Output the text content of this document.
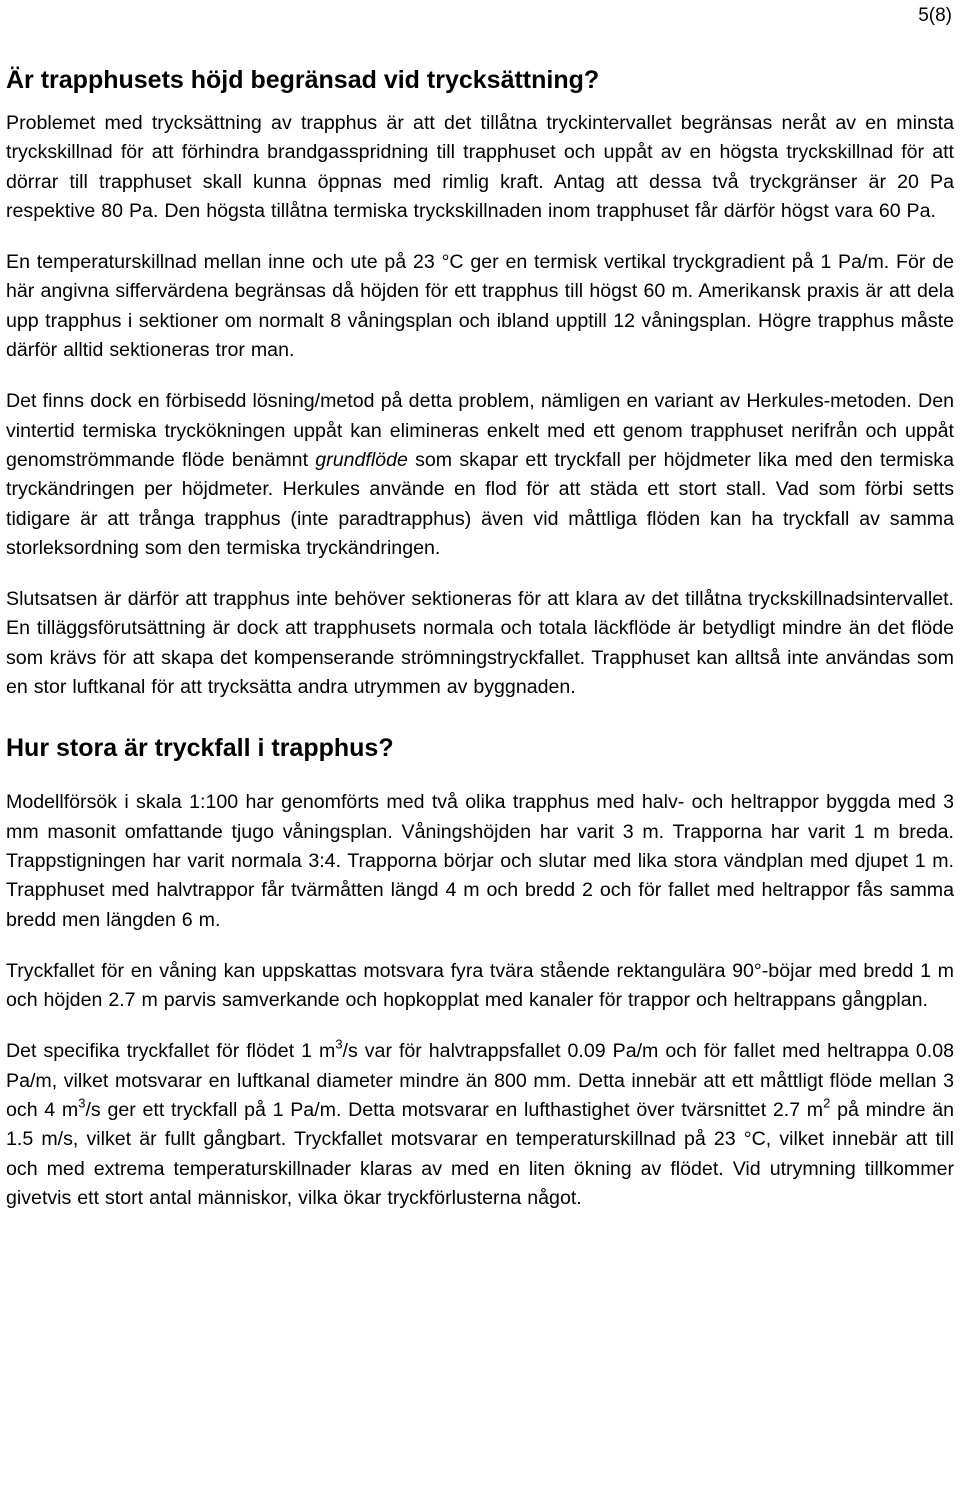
5(8)
Är trapphusets höjd begränsad vid trycksättning?

Problemet med trycksättning av trapphus är att det tillåtna tryckintervallet begränsas neråt av en minsta tryckskillnad för att förhindra brandgasspridning till trapphuset och uppåt av en högsta tryckskillnad för att dörrar till trapphuset skall kunna öppnas med rimlig kraft. Antag att dessa två tryckgränser är 20 Pa respektive 80 Pa. Den högsta tillåtna termiska tryckskillnaden inom trapphuset får därför högst vara 60 Pa.

En temperaturskillnad mellan inne och ute på 23 °C ger en termisk vertikal tryckgradient på 1 Pa/m. För de här angivna siffervärdena begränsas då höjden för ett trapphus till högst 60 m. Amerikansk praxis är att dela upp trapphus i sektioner om normalt 8 våningsplan och ibland upptill 12 våningsplan. Högre trapphus måste därför alltid sektioneras tror man.

Det finns dock en förbisedd lösning/metod på detta problem, nämligen en variant av Herkules-metoden. Den vintertid termiska tryckökningen uppåt kan elimineras enkelt med ett genom trapphuset nerifrån och uppåt genomströmmande flöde benämnt grundflöde som skapar ett tryckfall per höjdmeter lika med den termiska tryckändringen per höjdmeter. Herkules använde en flod för att städa ett stort stall. Vad som förbi setts tidigare är att trånga trapphus (inte paradtrapphus) även vid måttliga flöden kan ha tryckfall av samma storleksordning som den termiska tryckändringen.

Slutsatsen är därför att trapphus inte behöver sektioneras för att klara av det tillåtna tryckskillnadsintervallet. En tilläggsförutsättning är dock att trapphusets normala och totala läckflöde är betydligt mindre än det flöde som krävs för att skapa det kompenserande strömningstryckfallet. Trapphuset kan alltså inte användas som en stor luftkanal för att trycksätta andra utrymmen av byggnaden.

Hur stora är tryckfall i trapphus?

Modellförsök i skala 1:100 har genomförts med två olika trapphus med halv- och heltrappor byggda med 3 mm masonit omfattande tjugo våningsplan. Våningshöjden har varit 3 m. Trapporna har varit 1 m breda. Trappstigningen har varit normala 3:4. Trapporna börjar och slutar med lika stora vändplan med djupet 1 m. Trapphuset med halvtrappor får tvärmåtten längd 4 m och bredd 2 och för fallet med heltrappor fås samma bredd men längden 6 m.

Tryckfallet för en våning kan uppskattas motsvara fyra tvära stående rektangulära 90°-böjar med bredd 1 m och höjden 2.7 m parvis samverkande och hopkopplat med kanaler för trappor och heltrappans gångplan.

Det specifika tryckfallet för flödet 1 $m^3/s$ var för halvtrappsfallet 0.09 Pa/m och för fallet med heltrappa 0.08 Pa/m, vilket motsvarar en luftkanal diameter mindre än 800 mm. Detta innebär att ett måttligt flöde mellan 3 och 4 $m^3/s$ ger ett tryckfall på 1 Pa/m. Detta motsvarar en lufthastighet över tvärsnittet 2.7 $m^2$ på mindre än 1.5 m/s, vilket är fullt gångbart. Tryckfallet motsvarar en temperaturskillnad på 23 °C, vilket innebär att till och med extrema temperaturskillnader klaras av med en liten ökning av flödet. Vid utrymning tillkommer givetvis ett stort antal människor, vilka ökar tryckförlusterna något.
